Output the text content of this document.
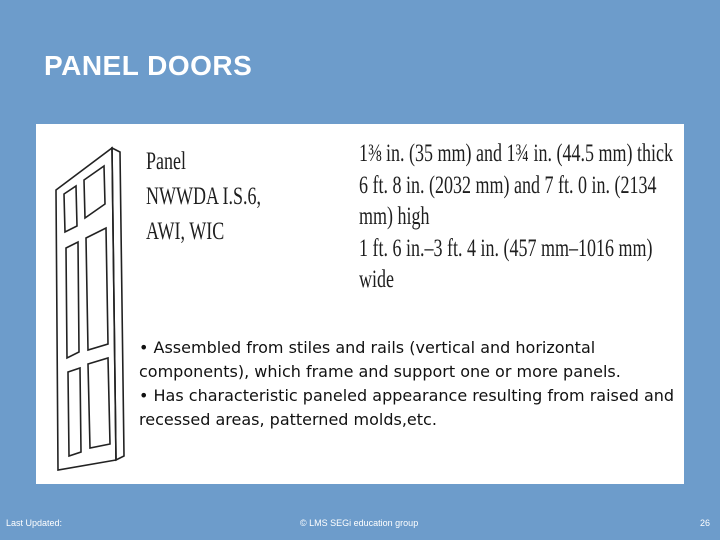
PANEL DOORS
Panel
NWWDA I.S.6,
AWI, WIC
1⅜ in. (35 mm) and 1¾ in. (44.5 mm) thick
6 ft. 8 in. (2032 mm) and 7 ft. 0 in. (2134
mm) high
1 ft. 6 in.–3 ft. 4 in. (457 mm–1016 mm)
wide
• Assembled from stiles and rails (vertical and horizontal components), which frame and support one or more panels.
• Has characteristic paneled appearance resulting from raised and recessed areas, patterned molds,etc.
Last Updated:	© LMS SEGi education group	26
